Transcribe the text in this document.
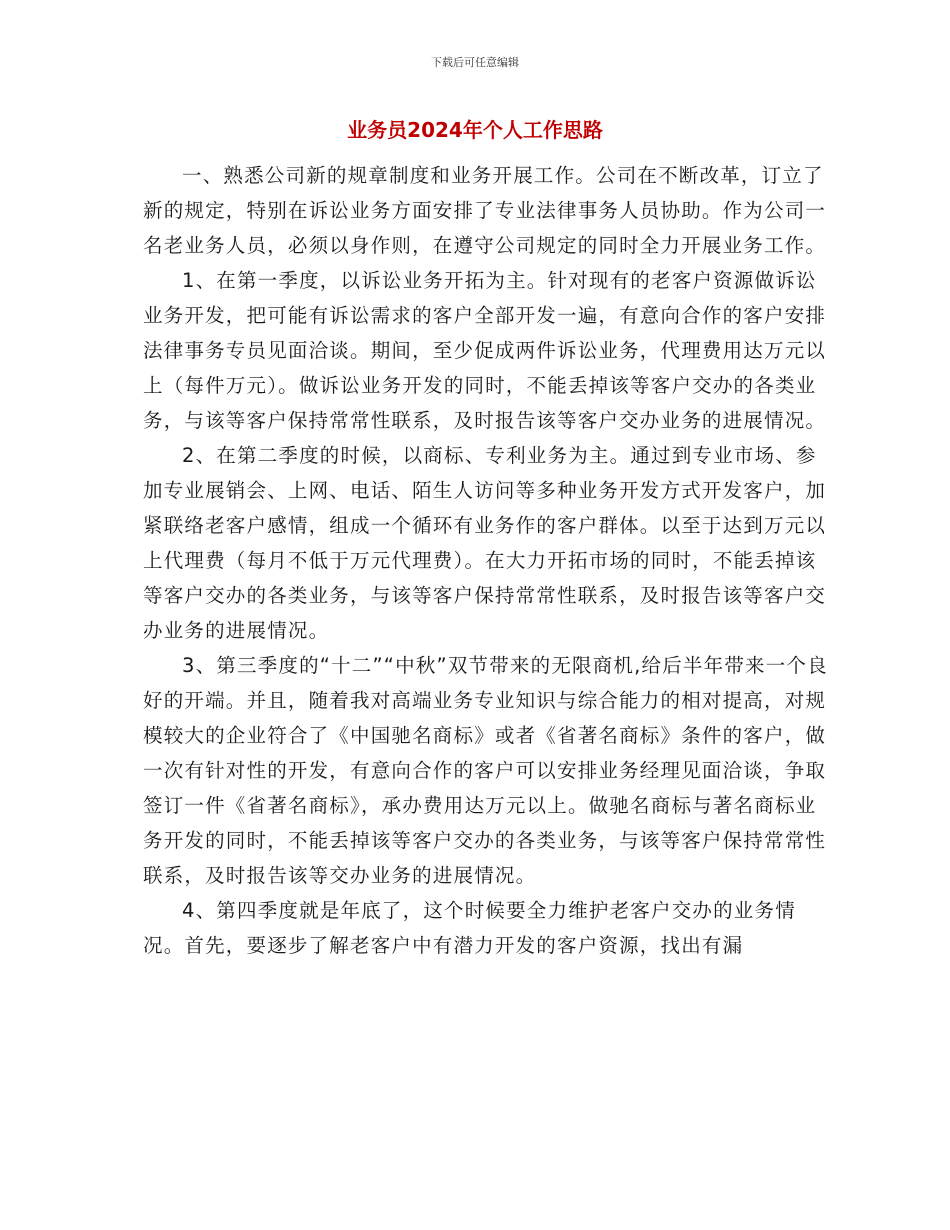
下载后可任意编辑
业务员2024年个人工作思路

一、熟悉公司新的规章制度和业务开展工作。公司在不断改革，订立了新的规定，特别在诉讼业务方面安排了专业法律事务人员协助。作为公司一名老业务人员，必须以身作则，在遵守公司规定的同时全力开展业务工作。

1、在第一季度，以诉讼业务开拓为主。针对现有的老客户资源做诉讼业务开发，把可能有诉讼需求的客户全部开发一遍，有意向合作的客户安排法律事务专员见面洽谈。期间，至少促成两件诉讼业务，代理费用达万元以上（每件万元）。做诉讼业务开发的同时，不能丢掉该等客户交办的各类业务，与该等客户保持常常性联系，及时报告该等客户交办业务的进展情况。

2、在第二季度的时候，以商标、专利业务为主。通过到专业市场、参加专业展销会、上网、电话、陌生人访问等多种业务开发方式开发客户，加紧联络老客户感情，组成一个循环有业务作的客户群体。以至于达到万元以上代理费（每月不低于万元代理费）。在大力开拓市场的同时，不能丢掉该等客户交办的各类业务，与该等客户保持常常性联系，及时报告该等客户交办业务的进展情况。

3、第三季度的“十二”“中秋”双节带来的无限商机,给后半年带来一个良好的开端。并且，随着我对高端业务专业知识与综合能力的相对提高，对规模较大的企业符合了《中国驰名商标》或者《省著名商标》条件的客户，做一次有针对性的开发，有意向合作的客户可以安排业务经理见面洽谈，争取签订一件《省著名商标》，承办费用达万元以上。做驰名商标与著名商标业务开发的同时，不能丢掉该等客户交办的各类业务，与该等客户保持常常性联系，及时报告该等交办业务的进展情况。

4、第四季度就是年底了，这个时候要全力维护老客户交办的业务情况。首先，要逐步了解老客户中有潜力开发的客户资源，找出有漏
